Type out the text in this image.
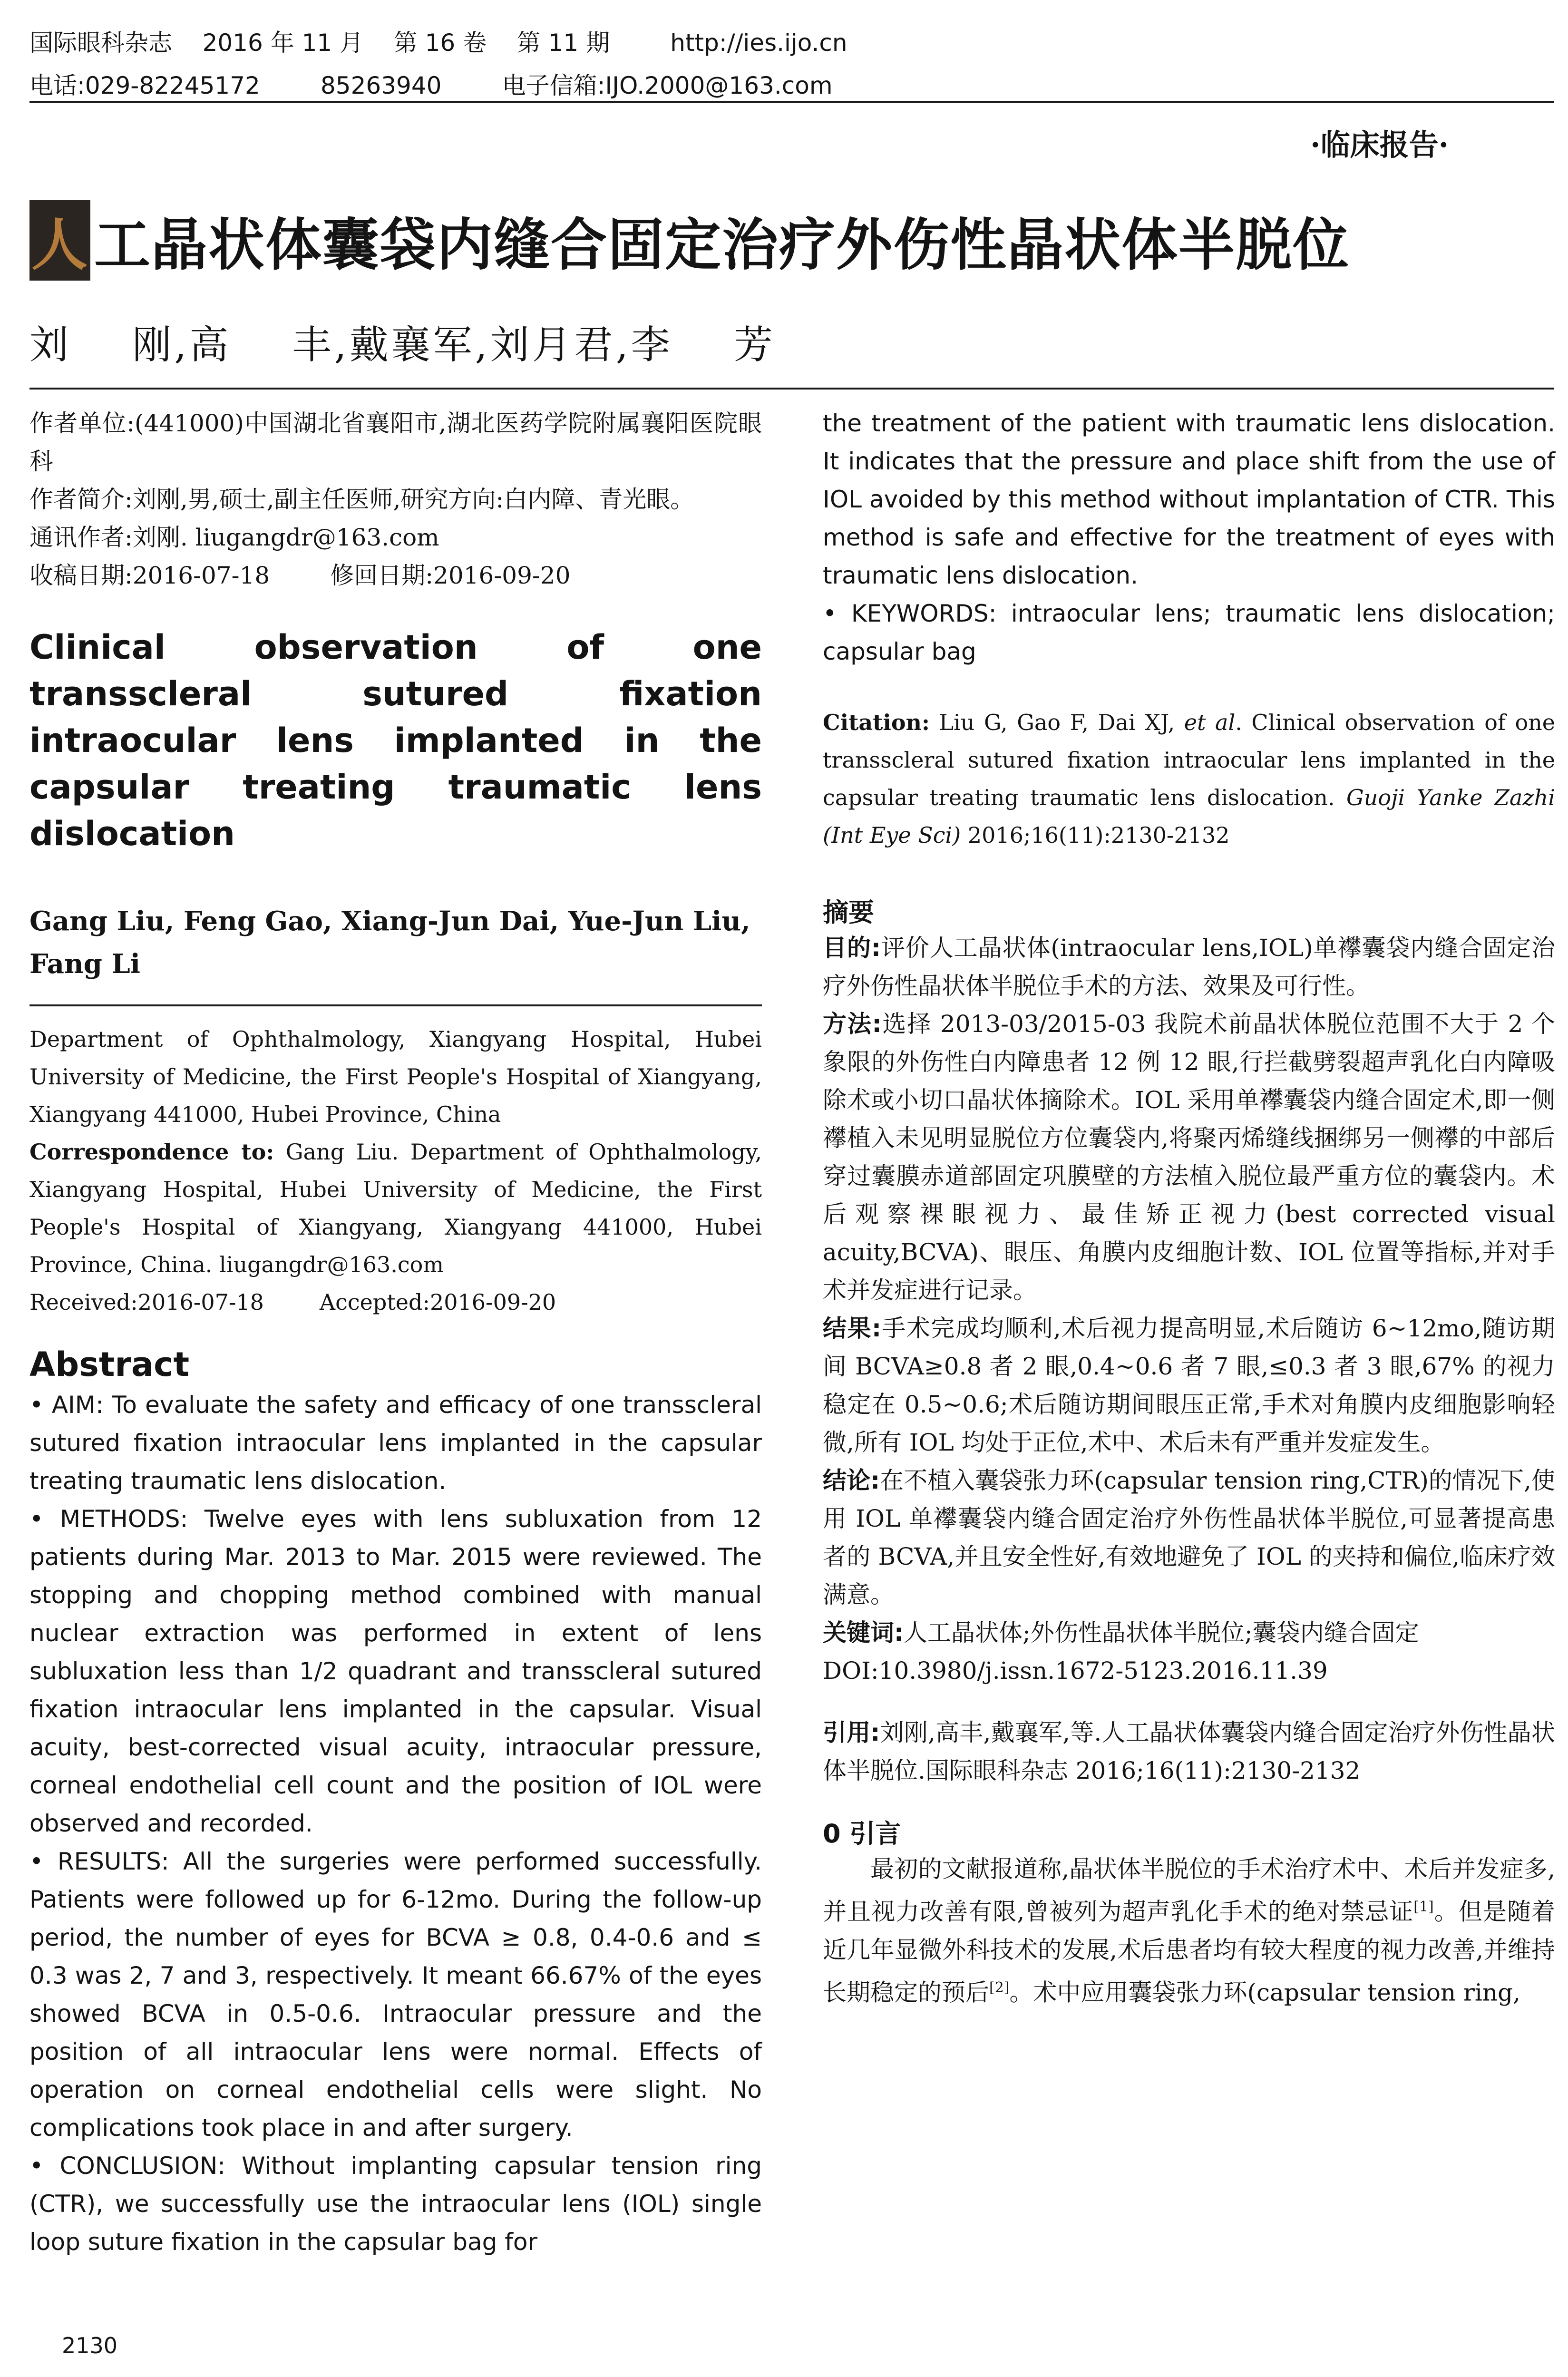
国际眼科杂志    2016 年 11 月    第 16 卷    第 11 期        http://ies.ijo.cn
电话:029-82245172        85263940        电子信箱:IJO.2000@163.com
·临床报告·
人 工晶状体囊袋内缝合固定治疗外伤性晶状体半脱位
刘    刚,高    丰,戴襄军,刘月君,李    芳

作者单位:(441000)中国湖北省襄阳市,湖北医药学院附属襄阳医院眼科

作者简介:刘刚,男,硕士,副主任医师,研究方向:白内障、青光眼。

通讯作者:刘刚. liugangdr@163.com

收稿日期:2016-07-18        修回日期:2016-09-20

Clinical observation of one transscleral sutured fixation intraocular lens implanted in the capsular treating traumatic lens dislocation
Gang Liu, Feng Gao, Xiang-Jun Dai, Yue-Jun Liu, Fang Li

Department of Ophthalmology, Xiangyang Hospital, Hubei University of Medicine, the First People's Hospital of Xiangyang, Xiangyang 441000, Hubei Province, China

Correspondence to: Gang Liu. Department of Ophthalmology, Xiangyang Hospital, Hubei University of Medicine, the First People's Hospital of Xiangyang, Xiangyang 441000, Hubei Province, China. liugangdr@163.com

Received:2016-07-18        Accepted:2016-09-20

Abstract

• AIM: To evaluate the safety and efficacy of one transscleral sutured fixation intraocular lens implanted in the capsular treating traumatic lens dislocation.

• METHODS: Twelve eyes with lens subluxation from 12 patients during Mar. 2013 to Mar. 2015 were reviewed. The stopping and chopping method combined with manual nuclear extraction was performed in extent of lens subluxation less than 1/2 quadrant and transscleral sutured fixation intraocular lens implanted in the capsular. Visual acuity, best-corrected visual acuity, intraocular pressure, corneal endothelial cell count and the position of IOL were observed and recorded.

• RESULTS: All the surgeries were performed successfully. Patients were followed up for 6-12mo. During the follow-up period, the number of eyes for BCVA ≥ 0.8, 0.4-0.6 and ≤ 0.3 was 2, 7 and 3, respectively. It meant 66.67% of the eyes showed BCVA in 0.5-0.6. Intraocular pressure and the position of all intraocular lens were normal. Effects of operation on corneal endothelial cells were slight. No complications took place in and after surgery.

• CONCLUSION: Without implanting capsular tension ring (CTR), we successfully use the intraocular lens (IOL) single loop suture fixation in the capsular bag for

the treatment of the patient with traumatic lens dislocation. It indicates that the pressure and place shift from the use of IOL avoided by this method without implantation of CTR. This method is safe and effective for the treatment of eyes with traumatic lens dislocation.

• KEYWORDS: intraocular lens; traumatic lens dislocation; capsular bag

Citation: Liu G, Gao F, Dai XJ, et al. Clinical observation of one transscleral sutured fixation intraocular lens implanted in the capsular treating traumatic lens dislocation. Guoji Yanke Zazhi (Int Eye Sci) 2016;16(11):2130-2132
摘要

目的:评价人工晶状体(intraocular lens,IOL)单襻囊袋内缝合固定治疗外伤性晶状体半脱位手术的方法、效果及可行性。

方法:选择 2013-03/2015-03 我院术前晶状体脱位范围不大于 2 个象限的外伤性白内障患者 12 例 12 眼,行拦截劈裂超声乳化白内障吸除术或小切口晶状体摘除术。IOL 采用单襻囊袋内缝合固定术,即一侧襻植入未见明显脱位方位囊袋内,将聚丙烯缝线捆绑另一侧襻的中部后穿过囊膜赤道部固定巩膜壁的方法植入脱位最严重方位的囊袋内。术后观察裸眼视力、最佳矫正视力(best corrected visual acuity,BCVA)、眼压、角膜内皮细胞计数、IOL 位置等指标,并对手术并发症进行记录。

结果:手术完成均顺利,术后视力提高明显,术后随访 6~12mo,随访期间 BCVA≥0.8 者 2 眼,0.4~0.6 者 7 眼,≤0.3 者 3 眼,67% 的视力稳定在 0.5~0.6;术后随访期间眼压正常,手术对角膜内皮细胞影响轻微,所有 IOL 均处于正位,术中、术后未有严重并发症发生。

结论:在不植入囊袋张力环(capsular tension ring,CTR)的情况下,使用 IOL 单襻囊袋内缝合固定治疗外伤性晶状体半脱位,可显著提高患者的 BCVA,并且安全性好,有效地避免了 IOL 的夹持和偏位,临床疗效满意。

关键词:人工晶状体;外伤性晶状体半脱位;囊袋内缝合固定

DOI:10.3980/j.issn.1672-5123.2016.11.39

引用:刘刚,高丰,戴襄军,等.人工晶状体囊袋内缝合固定治疗外伤性晶状体半脱位.国际眼科杂志 2016;16(11):2130-2132
0 引言
最初的文献报道称,晶状体半脱位的手术治疗术中、术后并发症多,并且视力改善有限,曾被列为超声乳化手术的绝对禁忌证[1]。但是随着近几年显微外科技术的发展,术后患者均有较大程度的视力改善,并维持长期稳定的预后[2]。术中应用囊袋张力环(capsular tension ring,
2130
